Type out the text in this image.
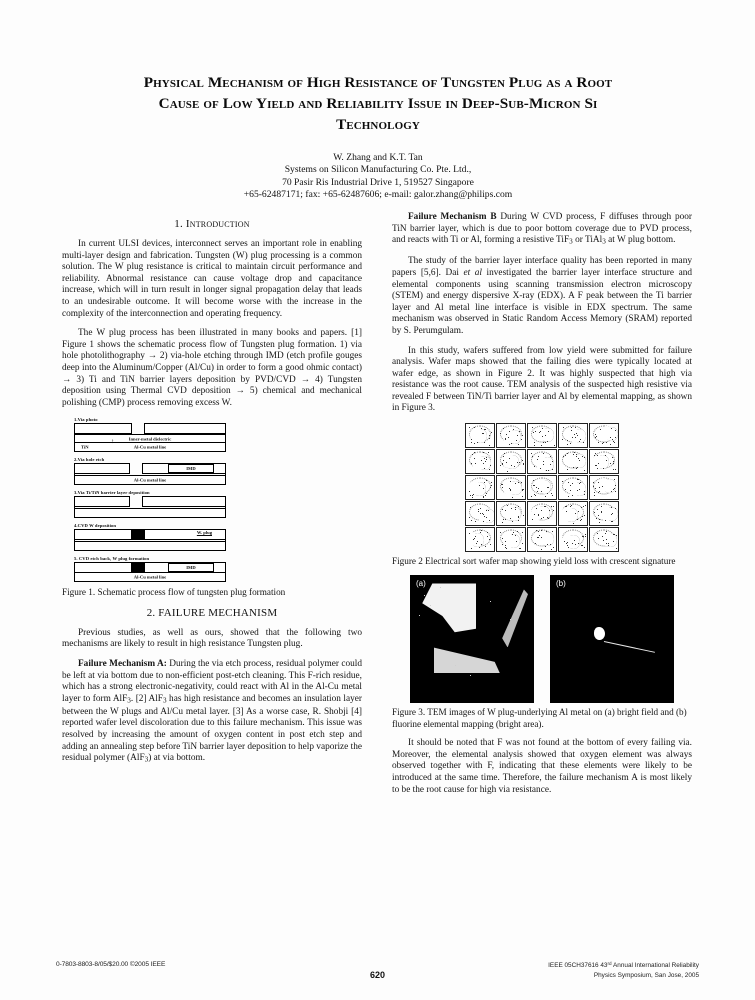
Physical Mechanism of High Resistance of Tungsten Plug as a Root
Cause of Low Yield and Reliability Issue in Deep-Sub-Micron Si
Technology
W. Zhang and K.T. Tan
Systems on Silicon Manufacturing Co. Pte. Ltd.,
70 Pasir Ris Industrial Drive 1, 519527 Singapore
+65-62487171; fax: +65-62487606; e-mail: galor.zhang@philips.com
1. Introduction

In current ULSI devices, interconnect serves an important role in enabling multi-layer design and fabrication. Tungsten (W) plug processing is a common solution. The W plug resistance is critical to maintain circuit performance and reliability. Abnormal resistance can cause voltage drop and capacitance increase, which will in turn result in longer signal propagation delay that leads to an undesirable outcome. It will become worse with the increase in the complexity of the interconnection and operating frequency.

The W plug process has been illustrated in many books and papers. [1] Figure 1 shows the schematic process flow of Tungsten plug formation. 1) via hole photolithography → 2) via-hole etching through IMD (etch profile gouges deep into the Aluminum/Copper (Al/Cu) in order to form a good ohmic contact) → 3) Ti and TiN barrier layers deposition by PVD/CVD → 4) Tungsten deposition using Thermal CVD deposition → 5) chemical and mechanical polishing (CMP) process removing excess W.

1.Via photo
Inner-metal dielectric
↑
TiN	Al-Cu metal line
2.Via hole etch
IMD
Al-Cu metal line
3.Via Ti/TiN barrier layer deposition
4.CVD W deposition
W. plug
5. CVD etch back, W plug formation
IMD
Al-Cu metal line
Figure 1. Schematic process flow of tungsten plug formation
2. FAILURE MECHANISM

Previous studies, as well as ours, showed that the following two mechanisms are likely to result in high resistance Tungsten plug.

Failure Mechanism A: During the via etch process, residual polymer could be left at via bottom due to non-efficient post-etch cleaning. This F-rich residue, which has a strong electronic-negativity, could react with Al in the Al-Cu metal layer to form AlF$_3$. [2] AlF$_3$ has high resistance and becomes an insulation layer between the W plugs and Al/Cu metal layer. [3] As a worse case, R. Shobji [4] reported wafer level discoloration due to this failure mechanism. This issue was resolved by increasing the amount of oxygen content in post etch step and adding an annealing step before TiN barrier layer deposition to help vaporize the residual polymer (AlF$_3$) at via bottom.

Failure Mechanism B During W CVD process, F diffuses through poor TiN barrier layer, which is due to poor bottom coverage due to PVD process, and reacts with Ti or Al, forming a resistive TiF$_3$ or TiAl$_3$ at W plug bottom.

The study of the barrier layer interface quality has been reported in many papers [5,6]. Dai et al investigated the barrier layer interface structure and elemental components using scanning transmission electron microscopy (STEM) and energy dispersive X-ray (EDX). A F peak between the Ti barrier layer and Al metal line interface is visible in EDX spectrum. The same mechanism was observed in Static Random Access Memory (SRAM) reported by S. Perumgulam.

In this study, wafers suffered from low yield were submitted for failure analysis. Wafer maps showed that the failing dies were typically located at wafer edge, as shown in Figure 2. It was highly suspected that high via resistance was the root cause. TEM analysis of the suspected high resistive via revealed F between TiN/Ti barrier layer and Al by elemental mapping, as shown in Figure 3.

Figure 2 Electrical sort wafer map showing yield loss with crescent signature
(a)	(b)
Figure 3. TEM images of W plug-underlying Al metal on (a) bright field and (b) fluorine elemental mapping (bright area).

It should be noted that F was not found at the bottom of every failing via. Moreover, the elemental analysis showed that oxygen element was always observed together with F, indicating that these elements were likely to be introduced at the same time. Therefore, the failure mechanism A is most likely to be the root cause for high via resistance.

0-7803-8803-8/05/$20.00 ©2005 IEEE
620
IEEE 05CH37616 43rd Annual International Reliability
Physics Symposium, San Jose, 2005
